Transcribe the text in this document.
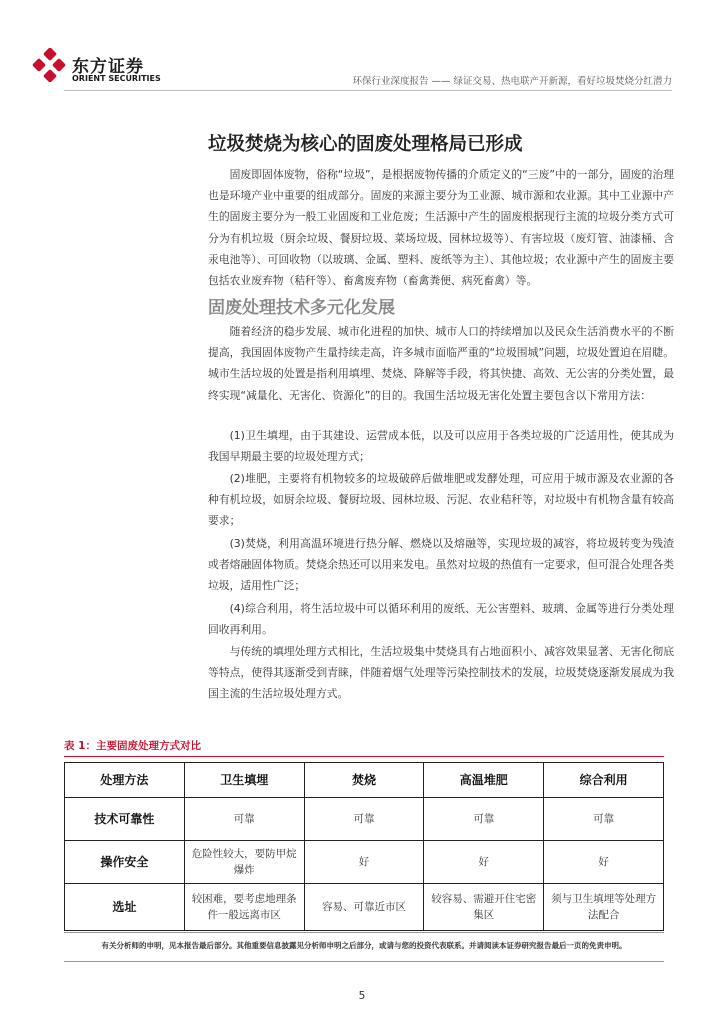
东方证券
ORIENT SECURITIES	环保行业深度报告 —— 绿证交易、热电联产开新源，看好垃圾焚烧分红潜力
垃圾焚烧为核心的固废处理格局已形成

固废即固体废物，俗称“垃圾”，是根据废物传播的介质定义的“三废”中的一部分，固废的治理也是环境产业中重要的组成部分。固废的来源主要分为工业源、城市源和农业源。其中工业源中产生的固废主要分为一般工业固废和工业危废；生活源中产生的固废根据现行主流的垃圾分类方式可分为有机垃圾（厨余垃圾、餐厨垃圾、菜场垃圾、园林垃圾等）、有害垃圾（废灯管、油漆桶、含汞电池等）、可回收物（以玻璃、金属、塑料、废纸等为主）、其他垃圾；农业源中产生的固废主要包括农业废弃物（秸秆等）、畜禽废弃物（畜禽粪便、病死畜禽）等。

固废处理技术多元化发展

随着经济的稳步发展、城市化进程的加快、城市人口的持续增加以及民众生活消费水平的不断提高，我国固体废物产生量持续走高，许多城市面临严重的“垃圾围城”问题，垃圾处置迫在眉睫。城市生活垃圾的处置是指利用填埋、焚烧、降解等手段，将其快捷、高效、无公害的分类处置，最终实现“减量化、无害化、资源化”的目的。我国生活垃圾无害化处置主要包含以下常用方法：

(1)卫生填埋，由于其建设、运营成本低，以及可以应用于各类垃圾的广泛适用性，使其成为我国早期最主要的垃圾处理方式；

(2)堆肥，主要将有机物较多的垃圾破碎后做堆肥或发酵处理，可应用于城市源及农业源的各种有机垃圾，如厨余垃圾、餐厨垃圾、园林垃圾、污泥、农业秸秆等，对垃圾中有机物含量有较高要求；

(3)焚烧，利用高温环境进行热分解、燃烧以及熔融等，实现垃圾的减容，将垃圾转变为残渣或者熔融固体物质。焚烧余热还可以用来发电。虽然对垃圾的热值有一定要求，但可混合处理各类垃圾，适用性广泛；

(4)综合利用，将生活垃圾中可以循环利用的废纸、无公害塑料、玻璃、金属等进行分类处理回收再利用。

与传统的填埋处理方式相比，生活垃圾集中焚烧具有占地面积小、减容效果显著、无害化彻底等特点，使得其逐渐受到青睐，伴随着烟气处理等污染控制技术的发展，垃圾焚烧逐渐发展成为我国主流的生活垃圾处理方式。

表 1：主要固废处理方式对比
处理方法	卫生填埋	焚烧	高温堆肥	综合利用
技术可靠性	可靠	可靠	可靠	可靠
操作安全	危险性较大，要防甲烷爆炸	好	好	好
选址	较困难，要考虑地理条件一般远离市区	容易、可靠近市区	较容易、需避开住宅密集区	须与卫生填埋等处理方法配合
有关分析师的申明，见本报告最后部分。其他重要信息披露见分析师申明之后部分，或请与您的投资代表联系。并请阅读本证券研究报告最后一页的免责申明。
5
